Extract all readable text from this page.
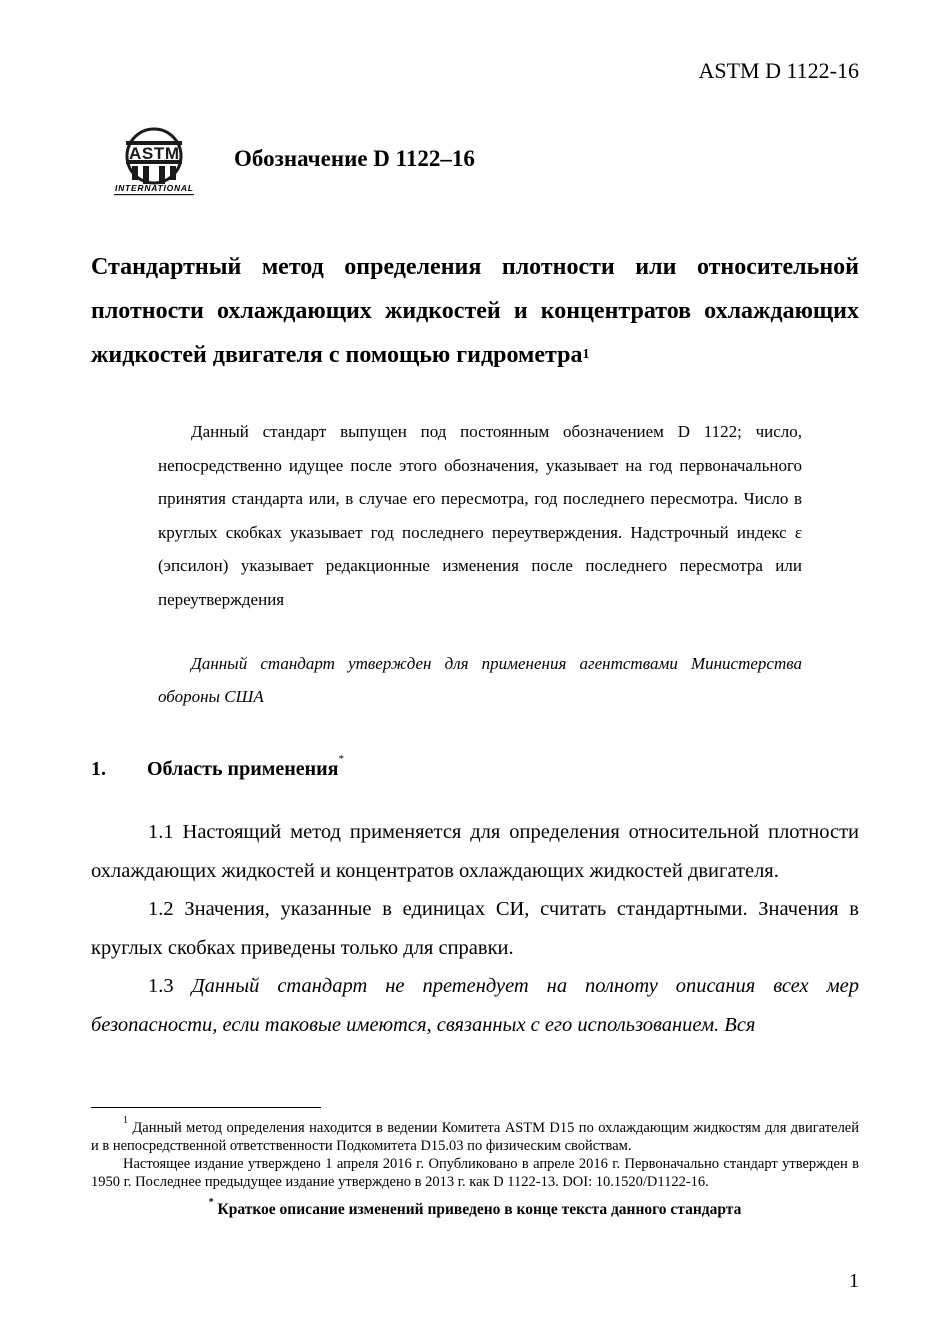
ASTM D 1122-16
ASTM
INTERNATIONAL
Обозначение D 1122–16
Стандартный метод определения плотности или относительной плотности охлаждающих жидкостей и концентратов охлаждающих жидкостей двигателя с помощью гидрометра$^1$
Данный стандарт выпущен под постоянным обозначением D 1122; число, непосредственно идущее после этого обозначения, указывает на год первоначального принятия стандарта или, в случае его пересмотра, год последнего пересмотра. Число в круглых скобках указывает год последнего переутверждения. Надстрочный индекс ε (эпсилон) указывает редакционные изменения после последнего пересмотра или переутверждения
Данный стандарт утвержден для применения агентствами Министерства обороны США
1. Область применения*

1.1 Настоящий метод применяется для определения относительной плотности охлаждающих жидкостей и концентратов охлаждающих жидкостей двигателя.

1.2 Значения, указанные в единицах СИ, считать стандартными. Значения в круглых скобках приведены только для справки.

1.3 Данный стандарт не претендует на полноту описания всех мер безопасности, если таковые имеются, связанных с его использованием. Вся

$^1$ Данный метод определения находится в ведении Комитета ASTM D15 по охлаждающим жидкостям для двигателей и в непосредственной ответственности Подкомитета D15.03 по физическим свойствам.

Настоящее издание утверждено 1 апреля 2016 г. Опубликовано в апреле 2016 г. Первоначально стандарт утвержден в 1950 г. Последнее предыдущее издание утверждено в 2013 г. как D 1122-13. DOI: 10.1520/D1122-16.

* Краткое описание изменений приведено в конце текста данного стандарта

1
